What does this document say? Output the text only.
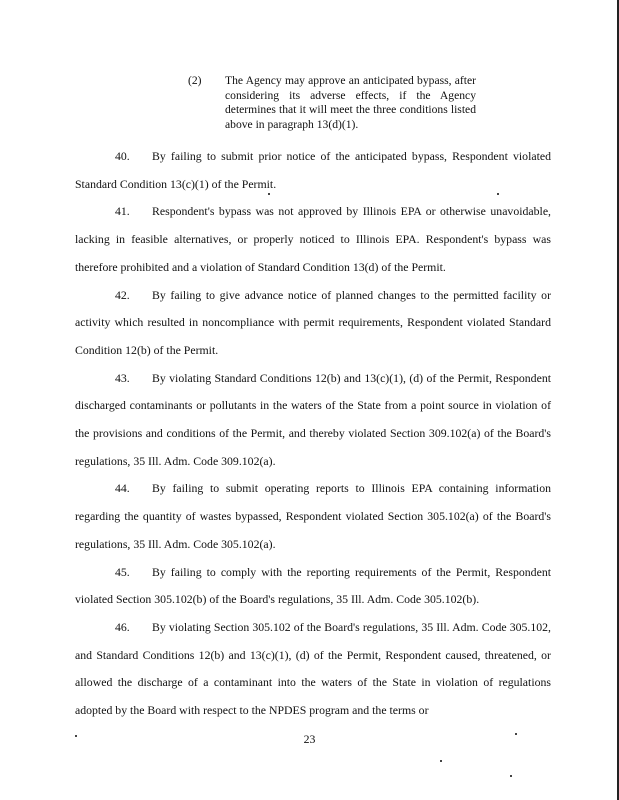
(2) The Agency may approve an anticipated bypass, after considering its adverse effects, if the Agency determines that it will meet the three conditions listed above in paragraph 13(d)(1).

40. By failing to submit prior notice of the anticipated bypass, Respondent violated Standard Condition 13(c)(1) of the Permit.

41. Respondent's bypass was not approved by Illinois EPA or otherwise unavoidable, lacking in feasible alternatives, or properly noticed to Illinois EPA. Respondent's bypass was therefore prohibited and a violation of Standard Condition 13(d) of the Permit.

42. By failing to give advance notice of planned changes to the permitted facility or activity which resulted in noncompliance with permit requirements, Respondent violated Standard Condition 12(b) of the Permit.

43. By violating Standard Conditions 12(b) and 13(c)(1), (d) of the Permit, Respondent discharged contaminants or pollutants in the waters of the State from a point source in violation of the provisions and conditions of the Permit, and thereby violated Section 309.102(a) of the Board's regulations, 35 Ill. Adm. Code 309.102(a).

44. By failing to submit operating reports to Illinois EPA containing information regarding the quantity of wastes bypassed, Respondent violated Section 305.102(a) of the Board's regulations, 35 Ill. Adm. Code 305.102(a).

45. By failing to comply with the reporting requirements of the Permit, Respondent violated Section 305.102(b) of the Board's regulations, 35 Ill. Adm. Code 305.102(b).

46. By violating Section 305.102 of the Board's regulations, 35 Ill. Adm. Code 305.102, and Standard Conditions 12(b) and 13(c)(1), (d) of the Permit, Respondent caused, threatened, or allowed the discharge of a contaminant into the waters of the State in violation of regulations adopted by the Board with respect to the NPDES program and the terms or

23
